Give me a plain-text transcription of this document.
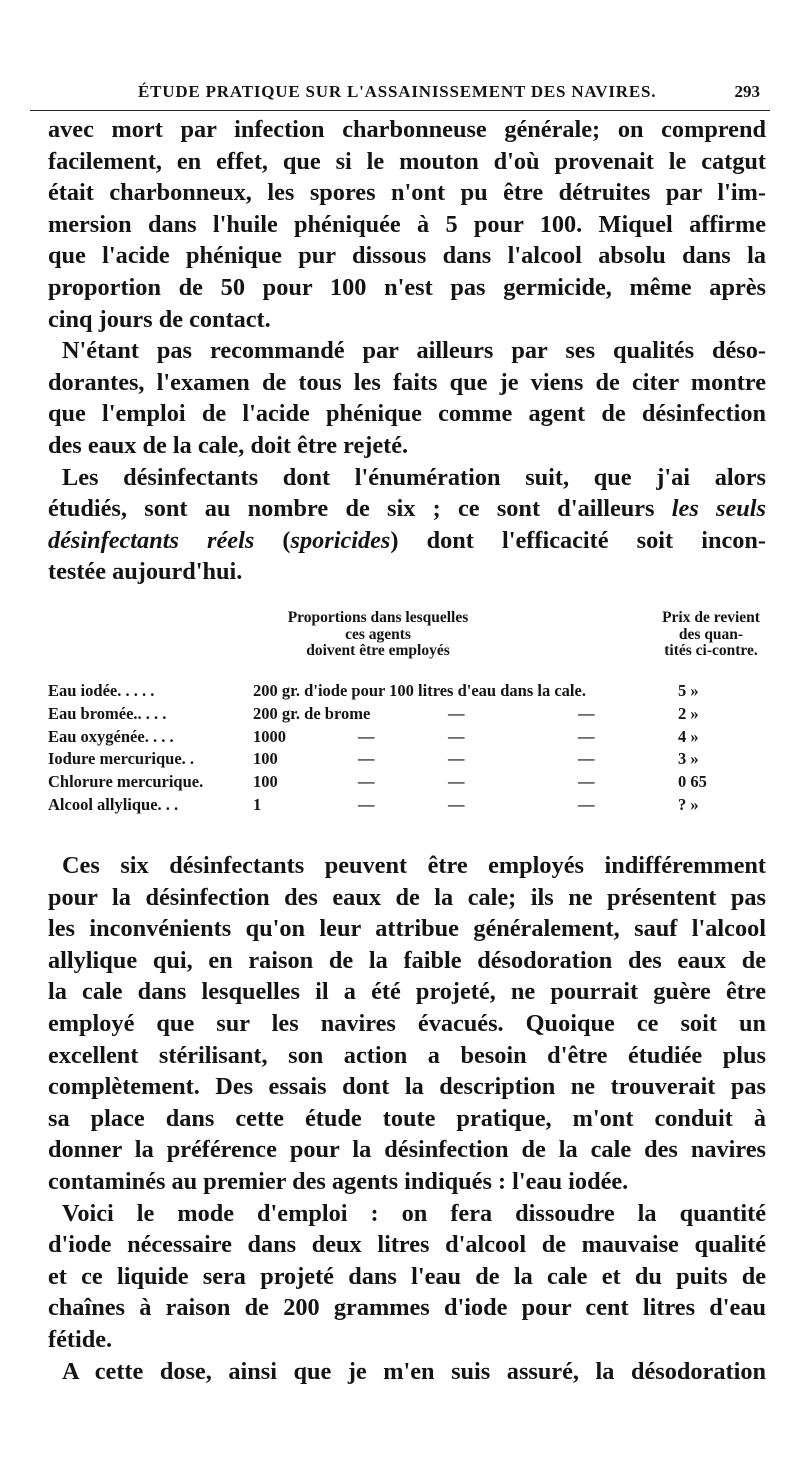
ÉTUDE PRATIQUE SUR L'ASSAINISSEMENT DES NAVIRES.	293
avec mort par infection charbonneuse générale; on comprend
facilement, en effet, que si le mouton d'où provenait le catgut
était charbonneux, les spores n'ont pu être détruites par l'im-
mersion dans l'huile phéniquée à 5 pour 100. Miquel affirme
que l'acide phénique pur dissous dans l'alcool absolu dans la
proportion de 50 pour 100 n'est pas germicide, même après
cinq jours de contact.
N'étant pas recommandé par ailleurs par ses qualités déso-
dorantes, l'examen de tous les faits que je viens de citer montre
que l'emploi de l'acide phénique comme agent de désinfection
des eaux de la cale, doit être rejeté.
Les désinfectants dont l'énumération suit, que j'ai alors
étudiés, sont au nombre de six ; ce sont d'ailleurs les seuls
désinfectants réels (sporicides) dont l'efficacité soit incon-
testée aujourd'hui.
Proportions dans lesquelles
ces agents
doivent être employés
Prix de revient
des quan-
tités ci-contre.
Eau iodée. . . . .	200 gr. d'iode pour 100 litres d'eau dans la cale.	5 »
Eau bromée.. . . .	200 gr. de brome	—	—	2 »
Eau oxygénée. . . .	1000	—	—	—	4 »
Iodure mercurique. .	100	—	—	—	3 »
Chlorure mercurique.	100	—	—	—	0 65
Alcool allylique. . .	1	—	—	—	? »
Ces six désinfectants peuvent être employés indifféremment
pour la désinfection des eaux de la cale; ils ne présentent pas
les inconvénients qu'on leur attribue généralement, sauf l'alcool
allylique qui, en raison de la faible désodoration des eaux de
la cale dans lesquelles il a été projeté, ne pourrait guère être
employé que sur les navires évacués. Quoique ce soit un
excellent stérilisant, son action a besoin d'être étudiée plus
complètement. Des essais dont la description ne trouverait pas
sa place dans cette étude toute pratique, m'ont conduit à
donner la préférence pour la désinfection de la cale des navires
contaminés au premier des agents indiqués : l'eau iodée.
Voici le mode d'emploi : on fera dissoudre la quantité
d'iode nécessaire dans deux litres d'alcool de mauvaise qualité
et ce liquide sera projeté dans l'eau de la cale et du puits de
chaînes à raison de 200 grammes d'iode pour cent litres d'eau
fétide.
A cette dose, ainsi que je m'en suis assuré, la désodoration
